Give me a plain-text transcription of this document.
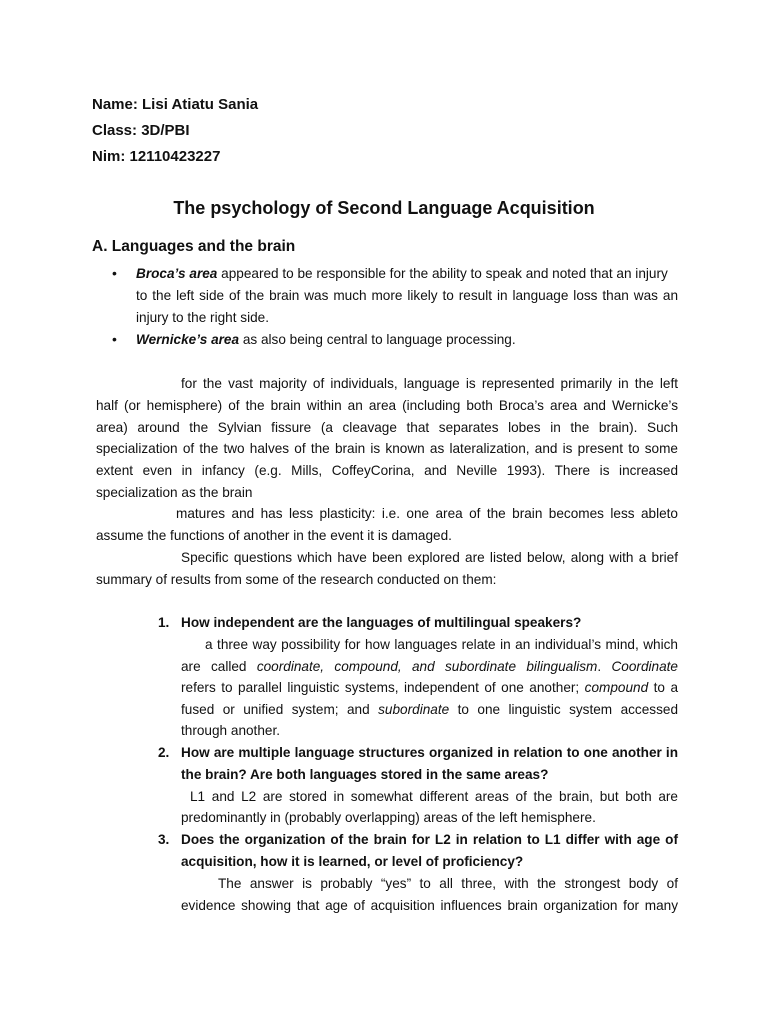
Name: Lisi Atiatu Sania
Class: 3D/PBI
Nim: 12110423227
The psychology of Second Language Acquisition
A. Languages and the brain
• Broca’s area appeared to be responsible for the ability to speak and noted that an injury
to the left side of the brain was much more likely to result in language loss than was an
injury to the right side.
• Wernicke’s area as also being central to language processing.
for the vast majority of individuals, language is represented primarily in the left
half (or hemisphere) of the brain within an area (including both Broca’s area and Wernicke’s
area) around the Sylvian fissure (a cleavage that separates lobes in the brain). Such
specialization of the two halves of the brain is known as lateralization, and is present to some
extent even in infancy (e.g. Mills, CoffeyCorina, and Neville 1993). There is increased
specialization as the brain
matures and has less plasticity: i.e. one area of the brain becomes less ableto
assume the functions of another in the event it is damaged.
Specific questions which have been explored are listed below, along with a brief
summary of results from some of the research conducted on them:
1. How independent are the languages of multilingual speakers?
a three way possibility for how languages relate in an individual’s mind, which
are called coordinate, compound, and subordinate bilingualism. Coordinate
refers to parallel linguistic systems, independent of one another; compound to a
fused or unified system; and subordinate to one linguistic system accessed
through another.
2. How are multiple language structures organized in relation to one another in
the brain? Are both languages stored in the same areas?
L1 and L2 are stored in somewhat different areas of the brain, but both are
predominantly in (probably overlapping) areas of the left hemisphere.
3. Does the organization of the brain for L2 in relation to L1 differ with age of
acquisition, how it is learned, or level of proficiency?
The answer is probably “yes” to all three, with the strongest body of
evidence showing that age of acquisition influences brain organization for many
